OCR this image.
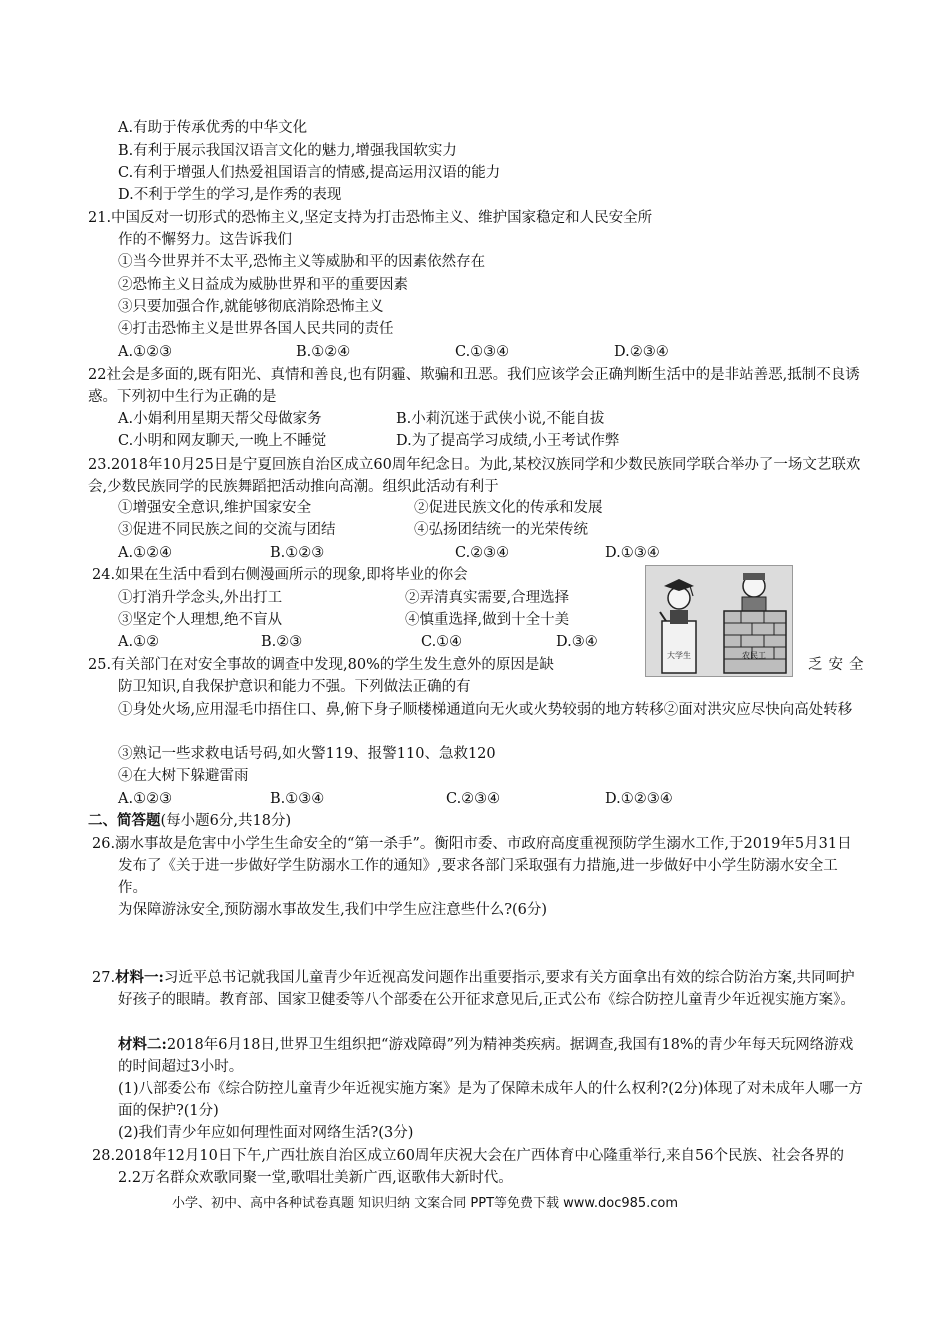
A.有助于传承优秀的中华文化
B.有利于展示我国汉语言文化的魅力,增强我国软实力
C.有利于增强人们热爱祖国语言的情感,提高运用汉语的能力
D.不利于学生的学习,是作秀的表现
21.中国反对一切形式的恐怖主义,坚定支持为打击恐怖主义、维护国家稳定和人民安全所
作的不懈努力。这告诉我们
①当今世界并不太平,恐怖主义等威胁和平的因素依然存在
②恐怖主义日益成为威胁世界和平的重要因素
③只要加强合作,就能够彻底消除恐怖主义
④打击恐怖主义是世界各国人民共同的责任
A.①②③	B.①②④	C.①③④	D.②③④
22社会是多面的,既有阳光、真情和善良,也有阴霾、欺骗和丑恶。我们应该学会正确判断生活中的是非站善恶,抵制不良诱惑。下列初中生行为正确的是
A.小娟利用星期天帮父母做家务	B.小莉沉迷于武侠小说,不能自拔
C.小明和网友聊天,一晚上不睡觉	D.为了提高学习成绩,小王考试作弊
23.2018年10月25日是宁夏回族自治区成立60周年纪念日。为此,某校汉族同学和少数民族同学联合举办了一场文艺联欢会,少数民族同学的民族舞蹈把活动推向高潮。组织此活动有利于
①增强安全意识,维护国家安全	②促进民族文化的传承和发展
③促进不同民族之间的交流与团结	④弘扬团结统一的光荣传统
A.①②④	B.①②③	C.②③④	D.①③④
24.如果在生活中看到右侧漫画所示的现象,即将毕业的你会
①打消升学念头,外出打工	②弄清真实需要,合理选择
③坚定个人理想,绝不盲从	④慎重选择,做到十全十美
A.①②	B.②③	C.①④	D.③④
大学生	农民工
25.有关部门在对安全事故的调查中发现,80%的学生发生意外的原因是缺	乏安全
防卫知识,自我保护意识和能力不强。下列做法正确的有
①身处火场,应用湿毛巾捂住口、鼻,俯下身子顺楼梯通道向无火或火势较弱的地方转移②面对洪灾应尽快向高处转移
③熟记一些求救电话号码,如火警119、报警110、急救120
④在大树下躲避雷雨
A.①②③	B.①③④	C.②③④	D.①②③④
二、简答题(每小题6分,共18分)
26.溺水事故是危害中小学生生命安全的“第一杀手”。衡阳市委、市政府高度重视预防学生溺水工作,于2019年5月31日发布了《关于进一步做好学生防溺水工作的通知》,要求各部门采取强有力措施,进一步做好中小学生防溺水安全工作。
为保障游泳安全,预防溺水事故发生,我们中学生应注意些什么?(6分)
27.材料一:习近平总书记就我国儿童青少年近视高发问题作出重要指示,要求有关方面拿出有效的综合防治方案,共同呵护好孩子的眼睛。教育部、国家卫健委等八个部委在公开征求意见后,正式公布《综合防控儿童青少年近视实施方案》。
材料二:2018年6月18日,世界卫生组织把“游戏障碍”列为精神类疾病。据调查,我国有18%的青少年每天玩网络游戏的时间超过3小时。
(1)八部委公布《综合防控儿童青少年近视实施方案》是为了保障未成年人的什么权利?(2分)体现了对未成年人哪一方面的保护?(1分)
(2)我们青少年应如何理性面对网络生活?(3分)
28.2018年12月10日下午,广西壮族自治区成立60周年庆祝大会在广西体育中心隆重举行,来自56个民族、社会各界的2.2万名群众欢歌同聚一堂,歌唱壮美新广西,讴歌伟大新时代。
小学、初中、高中各种试卷真题 知识归纳 文案合同 PPT等免费下载 www.doc985.com
